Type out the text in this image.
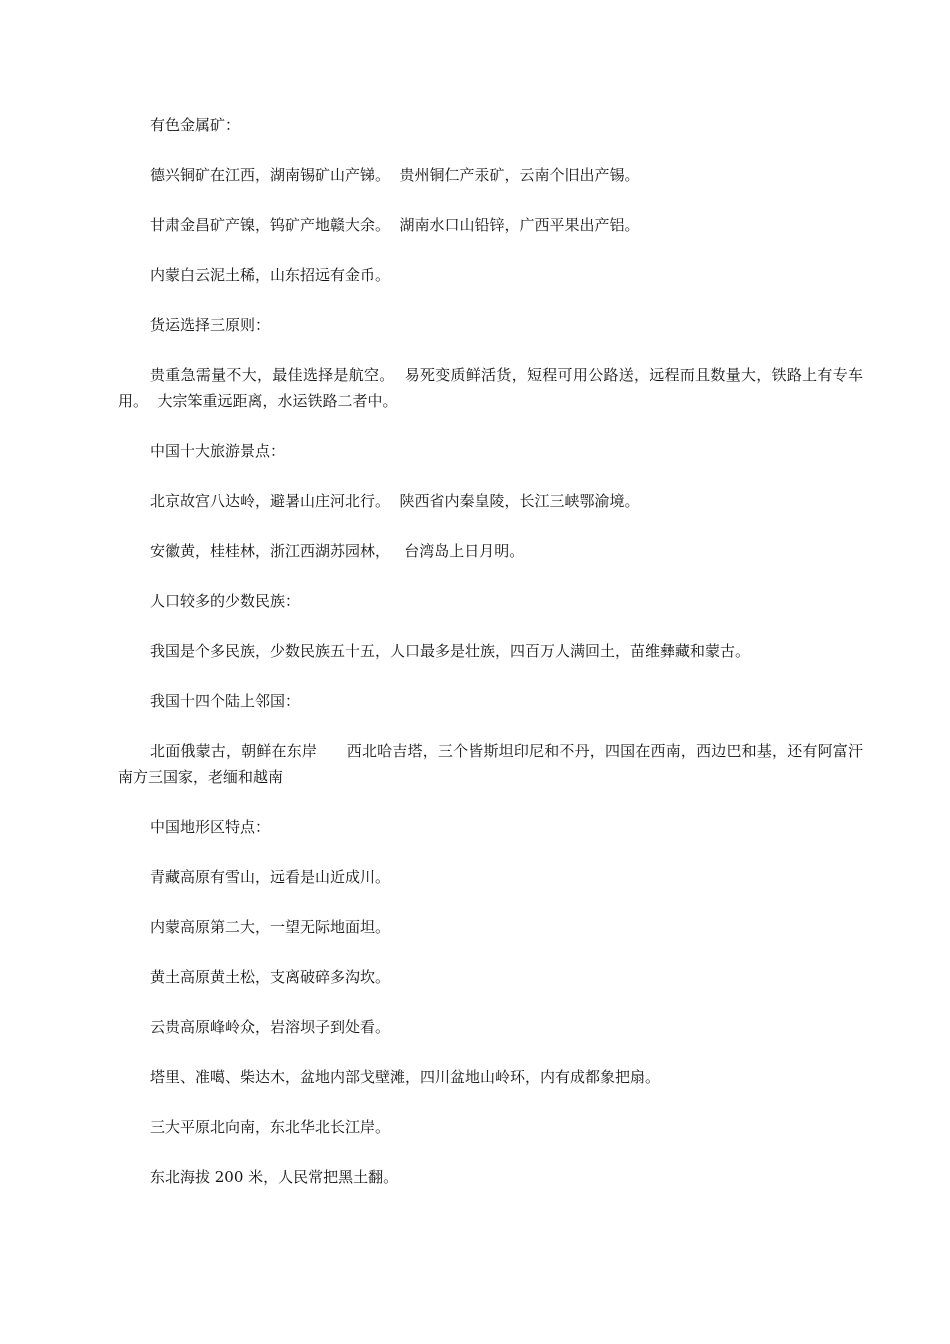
有色金属矿：

德兴铜矿在江西，湖南锡矿山产锑。  贵州铜仁产汞矿，云南个旧出产锡。

甘肃金昌矿产镍，钨矿产地赣大余。  湖南水口山铅锌，广西平果出产铝。

内蒙白云泥土稀，山东招远有金币。

货运选择三原则：

贵重急需量不大，最佳选择是航空。  易死变质鲜活货，短程可用公路送，远程而且数量大，铁路上有专车用。  大宗笨重远距离，水运铁路二者中。

中国十大旅游景点：

北京故宫八达岭，避暑山庄河北行。  陕西省内秦皇陵，长江三峡鄂渝境。

安徽黄，桂桂林，浙江西湖苏园林，   台湾岛上日月明。

人口较多的少数民族：

我国是个多民族，少数民族五十五，人口最多是壮族，四百万人满回土，苗维彝藏和蒙古。

我国十四个陆上邻国：

北面俄蒙古，朝鲜在东岸      西北哈吉塔，三个皆斯坦印尼和不丹，四国在西南，西边巴和基，还有阿富汗南方三国家，老缅和越南

中国地形区特点：

青藏高原有雪山，远看是山近成川。

内蒙高原第二大，一望无际地面坦。

黄土高原黄土松，支离破碎多沟坎。

云贵高原峰岭众，岩溶坝子到处看。

塔里、准噶、柴达木，盆地内部戈壁滩，四川盆地山岭环，内有成都象把扇。

三大平原北向南，东北华北长江岸。

东北海拔 200 米，人民常把黑土翻。
